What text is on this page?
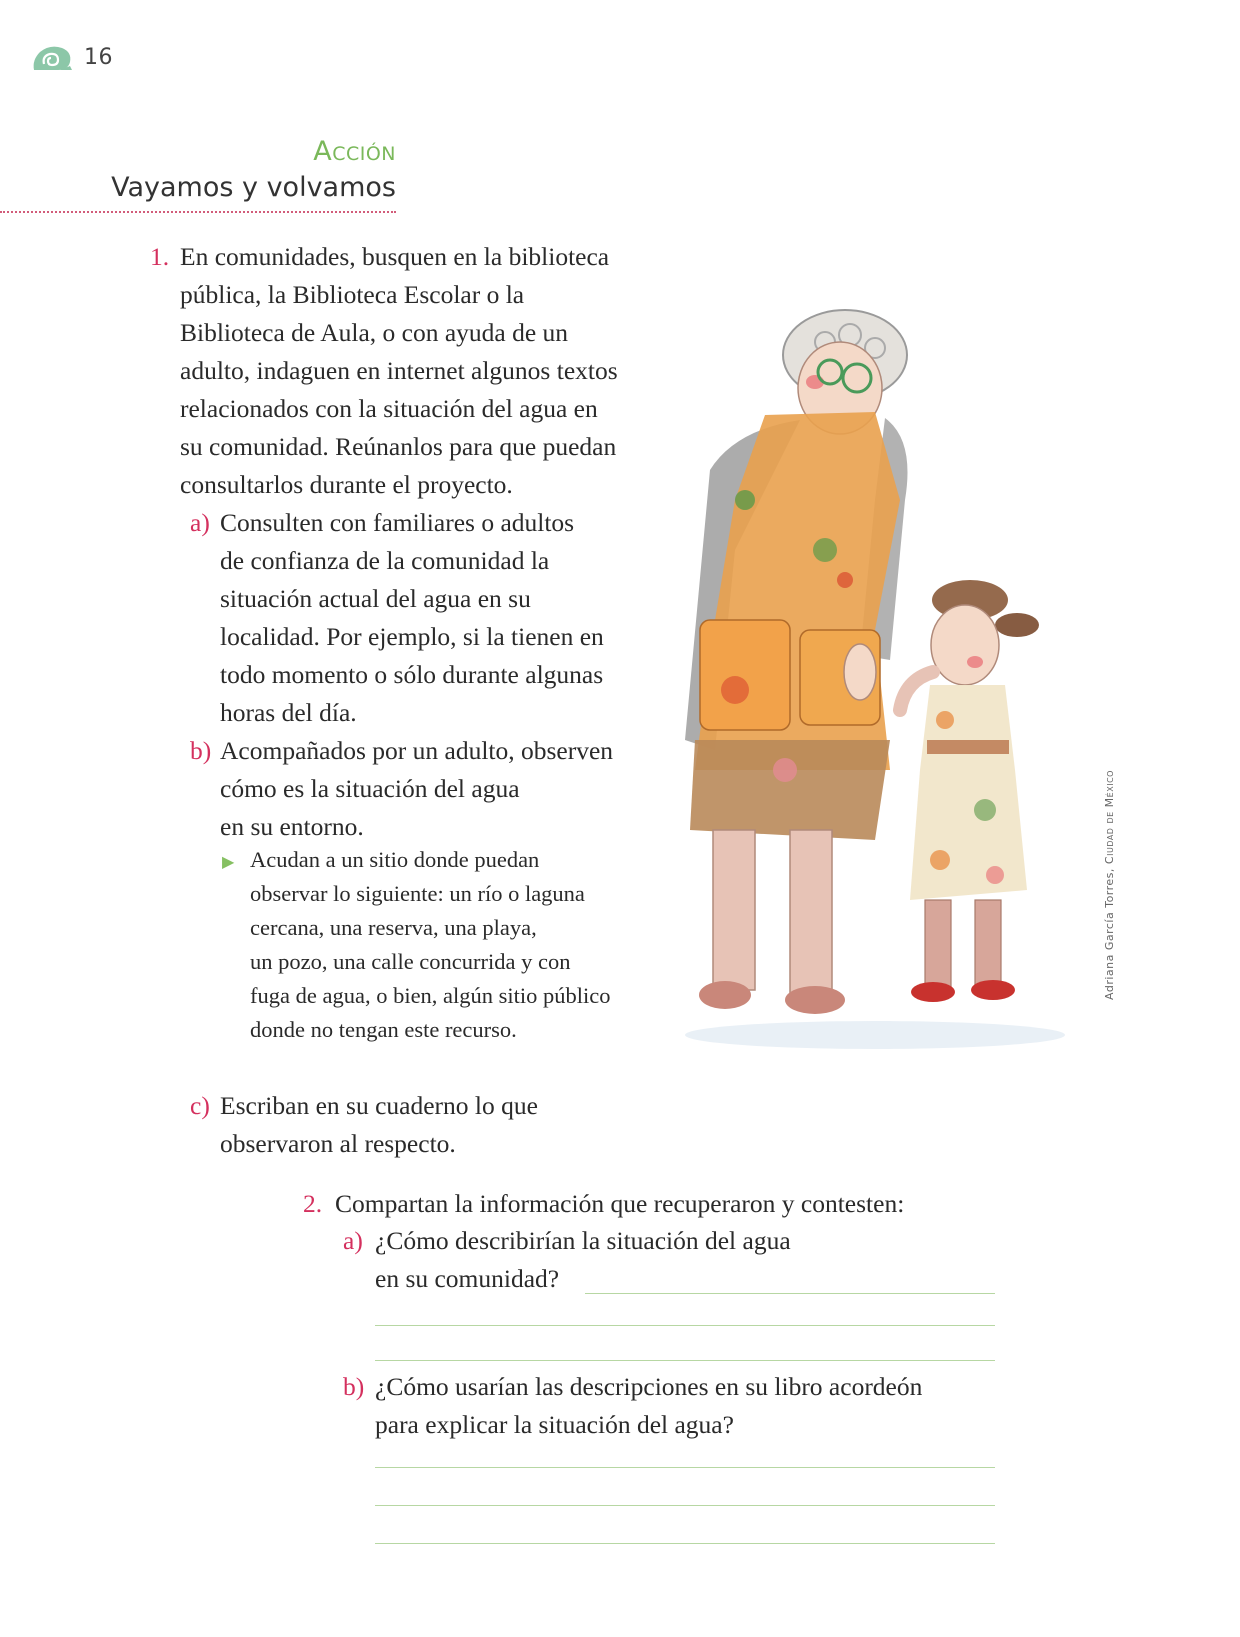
16
Acción
Vayamos y volvamos
1. En comunidades, busquen en la biblioteca
pública, la Biblioteca Escolar o la
Biblioteca de Aula, o con ayuda de un
adulto, indaguen en internet algunos textos
relacionados con la situación del agua en
su comunidad. Reúnanlos para que puedan
consultarlos durante el proyecto.
a) Consulten con familiares o adultos
de confianza de la comunidad la
situación actual del agua en su
localidad. Por ejemplo, si la tienen en
todo momento o sólo durante algunas
horas del día.
b) Acompañados por un adulto, observen
cómo es la situación del agua
en su entorno.
▶ Acudan a un sitio donde puedan
observar lo siguiente: un río o laguna
cercana, una reserva, una playa,
un pozo, una calle concurrida y con
fuga de agua, o bien, algún sitio público
donde no tengan este recurso.
c) Escriban en su cuaderno lo que
observaron al respecto.
2. Compartan la información que recuperaron y contesten:
a) ¿Cómo describirían la situación del agua
en su comunidad?
b) ¿Cómo usarían las descripciones en su libro acordeón
para explicar la situación del agua?
Adriana García Torres, Ciudad de México
